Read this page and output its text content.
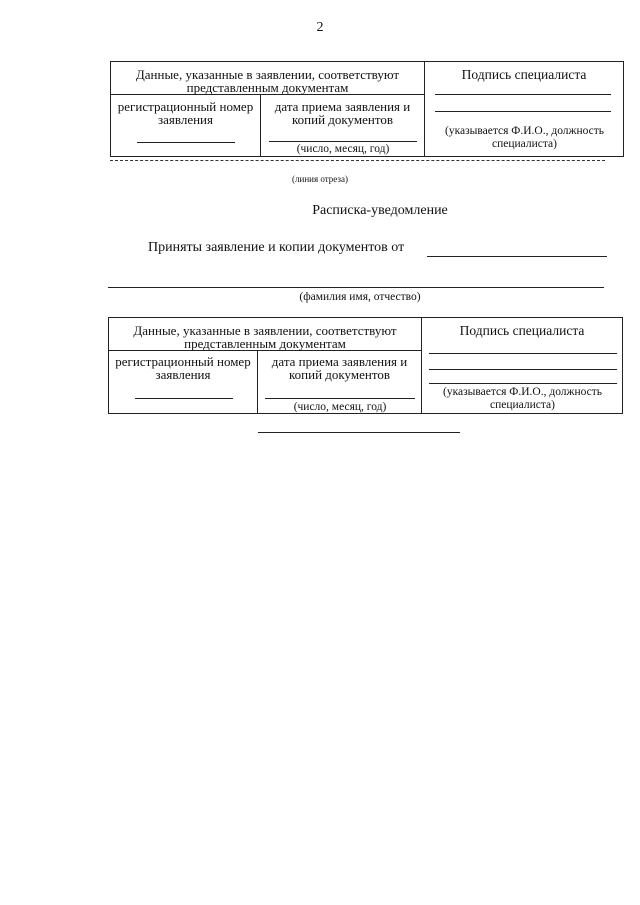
2
Данные, указанные в заявлении, соответствуют представленным документам		Подпись специалиста
(указывается Ф.И.О., должность специалиста)

регистрационный номер заявления	дата приема заявления и копий документов
(число, месяц, год)	
(линия отреза)
Расписка-уведомление
Приняты заявление и копии документов от
(фамилия имя, отчество)
Данные, указанные в заявлении, соответствуют представленным документам		Подпись специалиста
(указывается Ф.И.О., должность специалиста)

регистрационный номер заявления	дата приема заявления и копий документов
(число, месяц, год)	
